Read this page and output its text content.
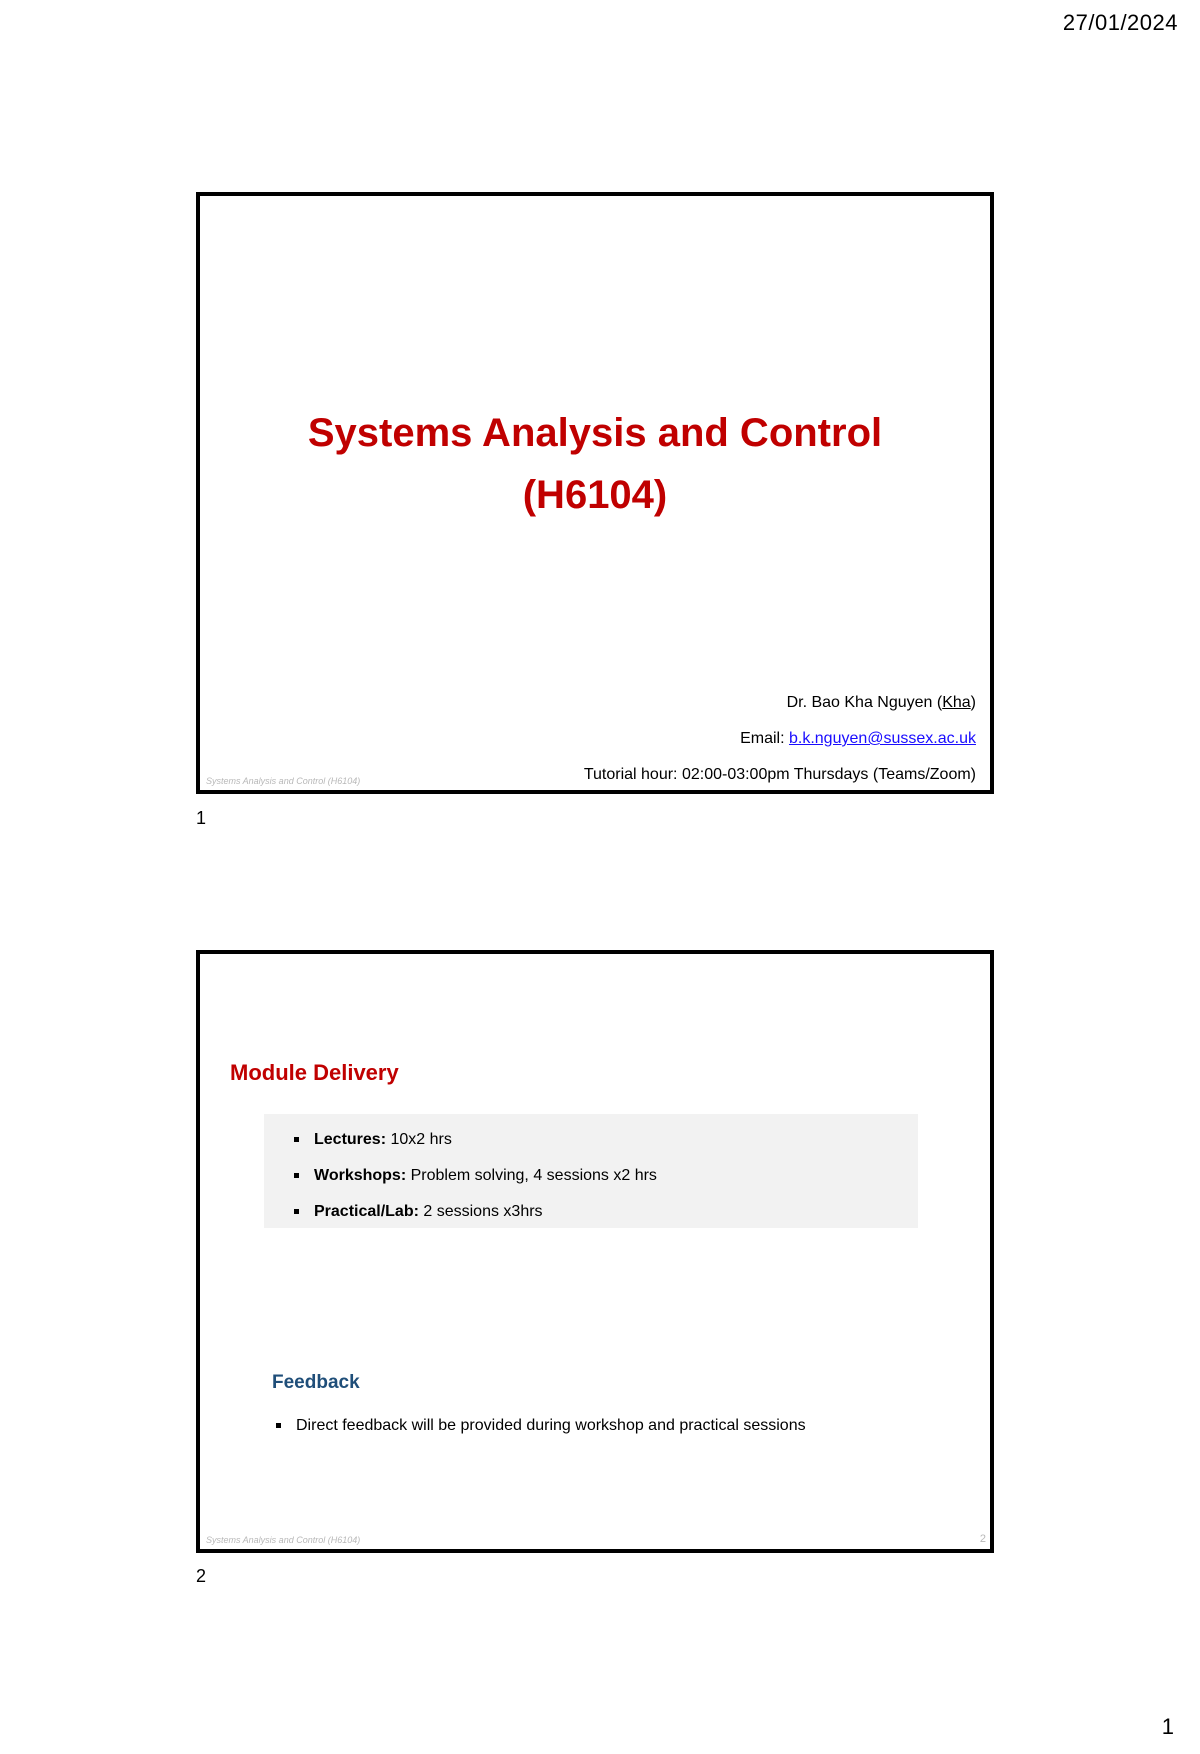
27/01/2024
Systems Analysis and Control
(H6104)
Dr. Bao Kha Nguyen (Kha)
Email: b.k.nguyen@sussex.ac.uk
Tutorial hour: 02:00-03:00pm Thursdays (Teams/Zoom)
Systems Analysis and Control (H6104)
1
Module Delivery
Lectures: 10x2 hrs
Workshops: Problem solving, 4 sessions x2 hrs
Practical/Lab: 2 sessions x3hrs
Feedback
Direct feedback will be provided during workshop and practical sessions
Systems Analysis and Control (H6104)	2
2
1
